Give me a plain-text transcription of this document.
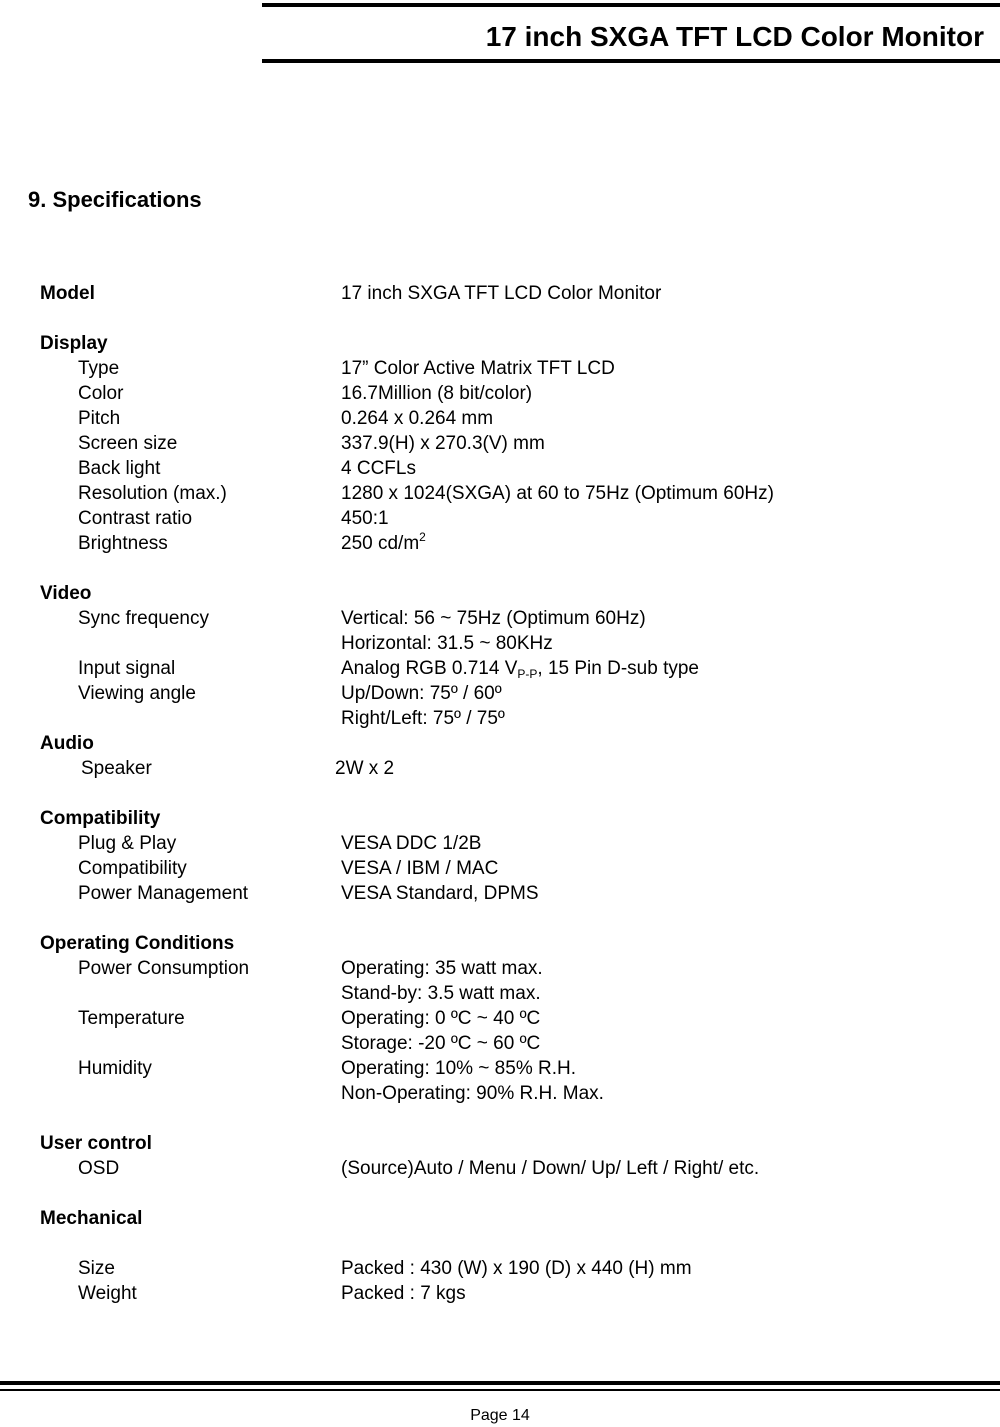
17 inch SXGA TFT LCD Color Monitor
9. Specifications
Model	17 inch SXGA TFT LCD Color Monitor
Display
Type	17” Color Active Matrix TFT LCD
Color	16.7Million (8 bit/color)
Pitch	0.264 x 0.264 mm
Screen size	337.9(H) x 270.3(V) mm
Back light	4 CCFLs
Resolution (max.)	1280 x 1024(SXGA) at 60 to 75Hz (Optimum 60Hz)
Contrast ratio	450:1
Brightness	250 $cd/m^2$
Video
Sync frequency	Vertical: 56 ~ 75Hz (Optimum 60Hz)
Horizontal: 31.5 ~ 80KHz
Input signal	Analog RGB 0.714 $V_{P-P}$, 15 Pin D-sub type
Viewing angle	Up/Down: 75º / 60º
Right/Left: 75º / 75º
Audio
Speaker	2W x 2
Compatibility
Plug & Play	VESA DDC 1/2B
Compatibility	VESA / IBM / MAC
Power Management	VESA Standard, DPMS
Operating Conditions
Power Consumption	Operating: 35 watt max.
Stand-by: 3.5 watt max.
Temperature	Operating: 0 ºC ~ 40 ºC
Storage: -20 ºC ~ 60 ºC
Humidity	Operating: 10% ~ 85% R.H.
Non-Operating: 90% R.H. Max.
User control
OSD	(Source)Auto / Menu / Down/ Up/ Left / Right/ etc.
Mechanical
Size	Packed : 430 (W) x 190 (D) x 440 (H) mm
Weight	Packed : 7 kgs
Page 14
